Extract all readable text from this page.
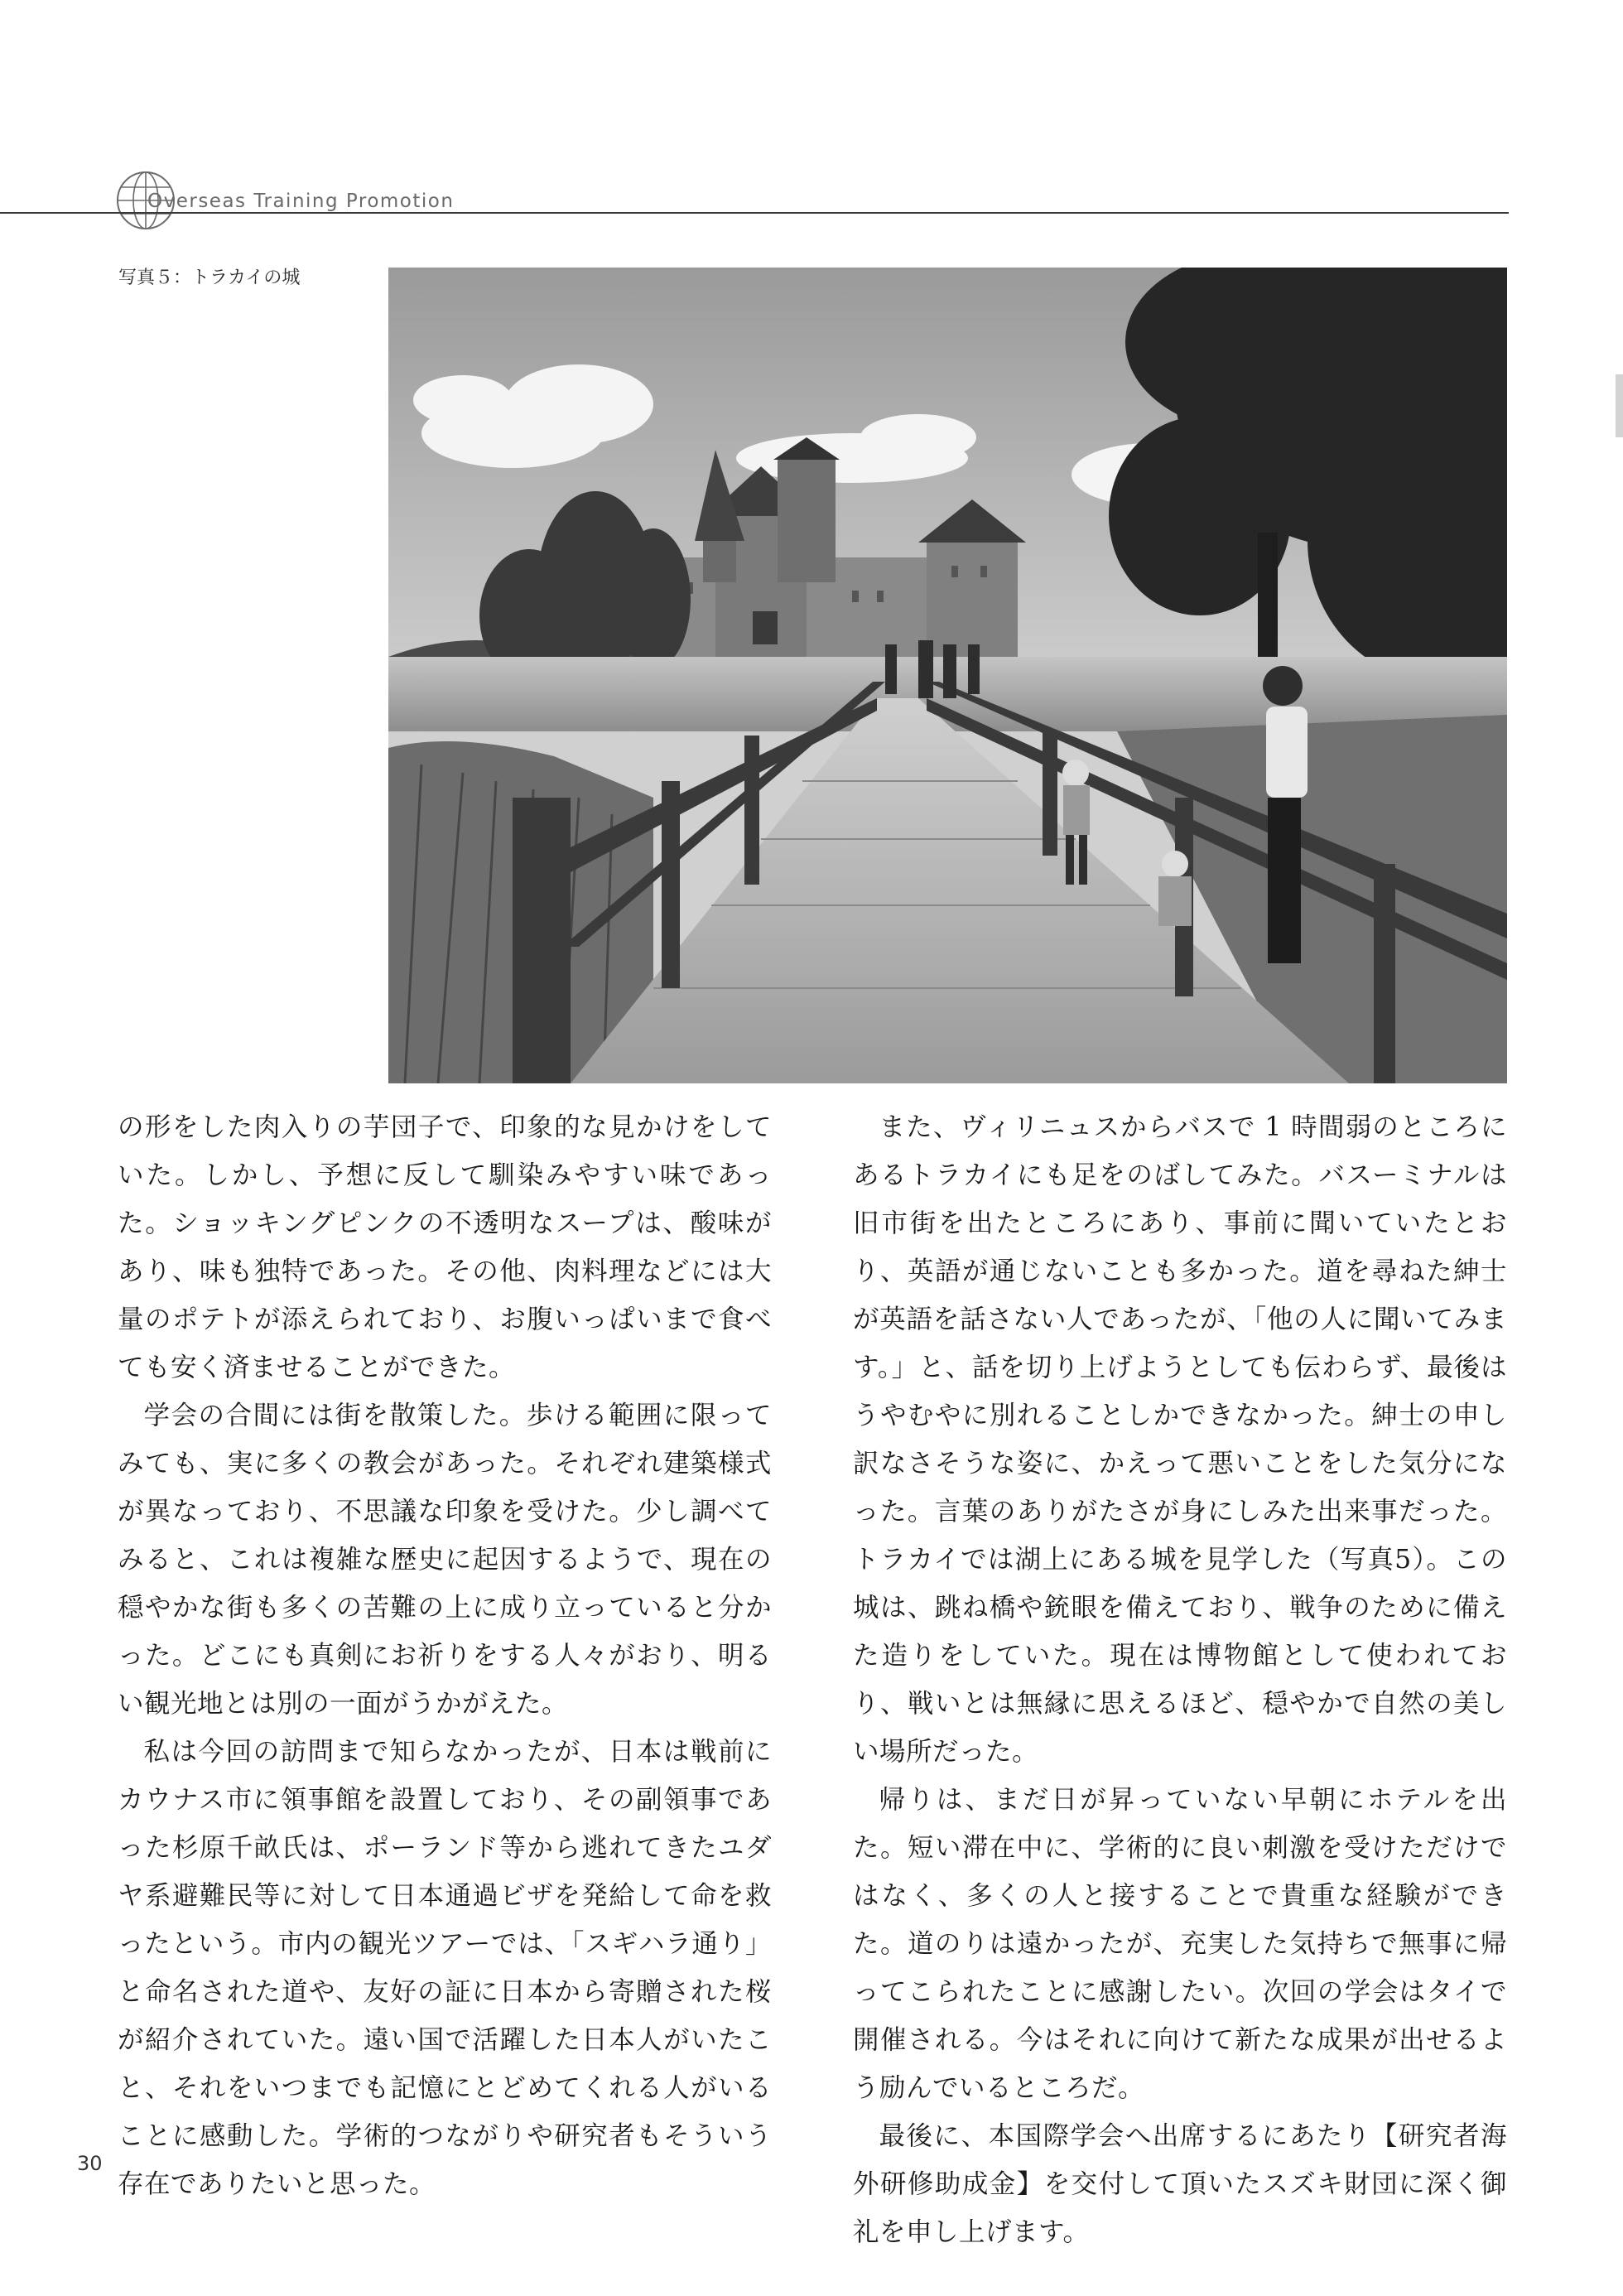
Overseas Training Promotion
写真５：トラカイの城

の形をした肉入りの芋団子で、印象的な見かけをしていた。しかし、予想に反して馴染みやすい味であった。ショッキングピンクの不透明なスープは、酸味があり、味も独特であった。その他、肉料理などには大量のポテトが添えられており、お腹いっぱいまで食べても安く済ませることができた。

学会の合間には街を散策した。歩ける範囲に限ってみても、実に多くの教会があった。それぞれ建築様式が異なっており、不思議な印象を受けた。少し調べてみると、これは複雑な歴史に起因するようで、現在の穏やかな街も多くの苦難の上に成り立っていると分かった。どこにも真剣にお祈りをする人々がおり、明るい観光地とは別の一面がうかがえた。

私は今回の訪問まで知らなかったが、日本は戦前にカウナス市に領事館を設置しており、その副領事であった杉原千畝氏は、ポーランド等から逃れてきたユダヤ系避難民等に対して日本通過ビザを発給して命を救ったという。市内の観光ツアーでは、「スギハラ通り」と命名された道や、友好の証に日本から寄贈された桜が紹介されていた。遠い国で活躍した日本人がいたこと、それをいつまでも記憶にとどめてくれる人がいることに感動した。学術的つながりや研究者もそういう存在でありたいと思った。

また、ヴィリニュスからバスで 1 時間弱のところにあるトラカイにも足をのばしてみた。バスーミナルは旧市街を出たところにあり、事前に聞いていたとおり、英語が通じないことも多かった。道を尋ねた紳士が英語を話さない人であったが、「他の人に聞いてみます。」と、話を切り上げようとしても伝わらず、最後はうやむやに別れることしかできなかった。紳士の申し訳なさそうな姿に、かえって悪いことをした気分になった。言葉のありがたさが身にしみた出来事だった。トラカイでは湖上にある城を見学した（写真5）。この城は、跳ね橋や銃眼を備えており、戦争のために備えた造りをしていた。現在は博物館として使われており、戦いとは無縁に思えるほど、穏やかで自然の美しい場所だった。

帰りは、まだ日が昇っていない早朝にホテルを出た。短い滞在中に、学術的に良い刺激を受けただけではなく、多くの人と接することで貴重な経験ができた。道のりは遠かったが、充実した気持ちで無事に帰ってこられたことに感謝したい。次回の学会はタイで開催される。今はそれに向けて新たな成果が出せるよう励んでいるところだ。

最後に、本国際学会へ出席するにあたり【研究者海外研修助成金】を交付して頂いたスズキ財団に深く御礼を申し上げます。

30
